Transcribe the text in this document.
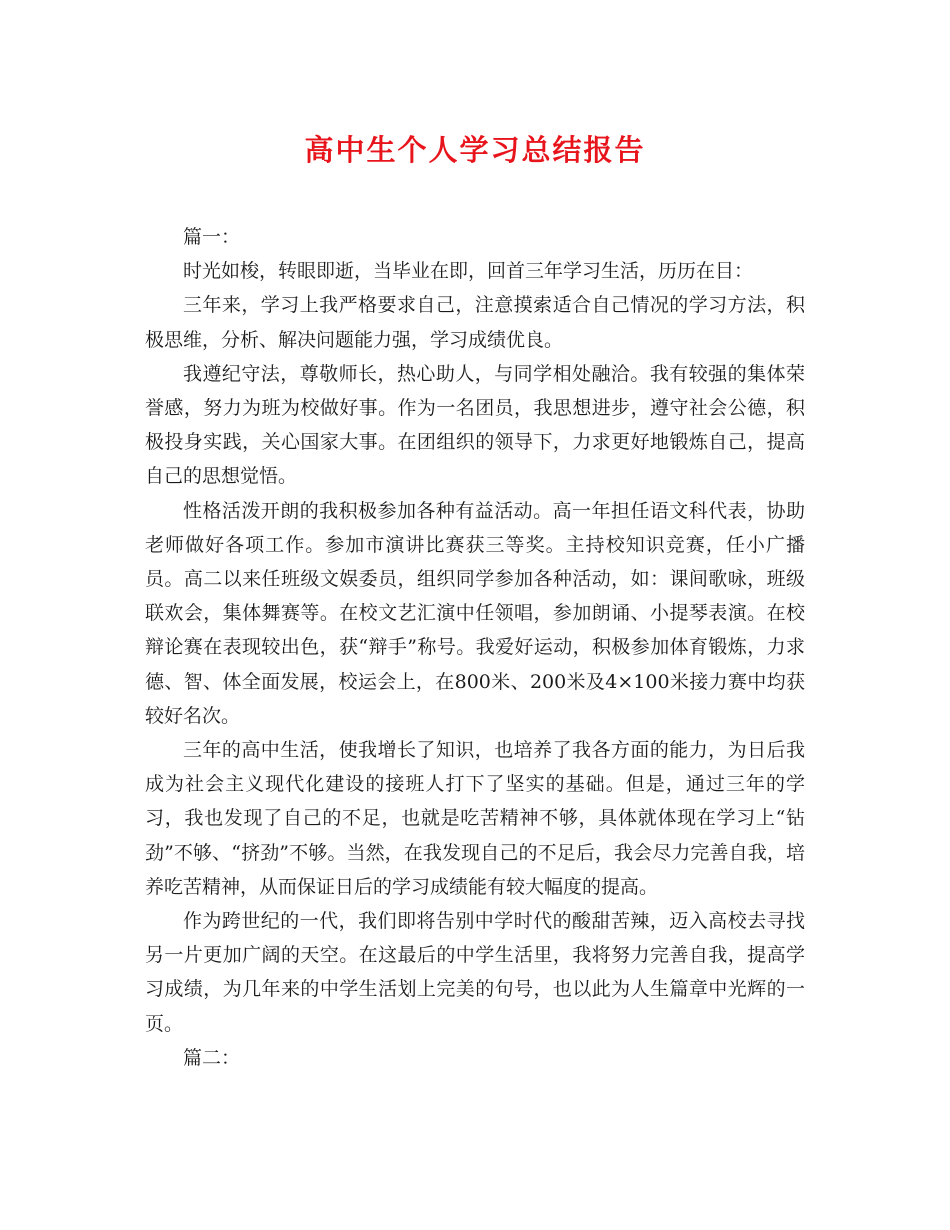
高中生个人学习总结报告

篇一：

时光如梭，转眼即逝，当毕业在即，回首三年学习生活，历历在目：

三年来，学习上我严格要求自己，注意摸索适合自己情况的学习方法，积极思维，分析、解决问题能力强，学习成绩优良。

我遵纪守法，尊敬师长，热心助人，与同学相处融洽。我有较强的集体荣誉感，努力为班为校做好事。作为一名团员，我思想进步，遵守社会公德，积极投身实践，关心国家大事。在团组织的领导下，力求更好地锻炼自己，提高自己的思想觉悟。

性格活泼开朗的我积极参加各种有益活动。高一年担任语文科代表，协助老师做好各项工作。参加市演讲比赛获三等奖。主持校知识竞赛，任小广播员。高二以来任班级文娱委员，组织同学参加各种活动，如：课间歌咏，班级联欢会，集体舞赛等。在校文艺汇演中任领唱，参加朗诵、小提琴表演。在校辩论赛在表现较出色，获“辩手”称号。我爱好运动，积极参加体育锻炼，力求德、智、体全面发展，校运会上，在800米、200米及4×100米接力赛中均获较好名次。

三年的高中生活，使我增长了知识，也培养了我各方面的能力，为日后我成为社会主义现代化建设的接班人打下了坚实的基础。但是，通过三年的学习，我也发现了自己的不足，也就是吃苦精神不够，具体就体现在学习上“钻劲”不够、“挤劲”不够。当然，在我发现自己的不足后，我会尽力完善自我，培养吃苦精神，从而保证日后的学习成绩能有较大幅度的提高。

作为跨世纪的一代，我们即将告别中学时代的酸甜苦辣，迈入高校去寻找另一片更加广阔的天空。在这最后的中学生活里，我将努力完善自我，提高学习成绩，为几年来的中学生活划上完美的句号，也以此为人生篇章中光辉的一页。

篇二：
